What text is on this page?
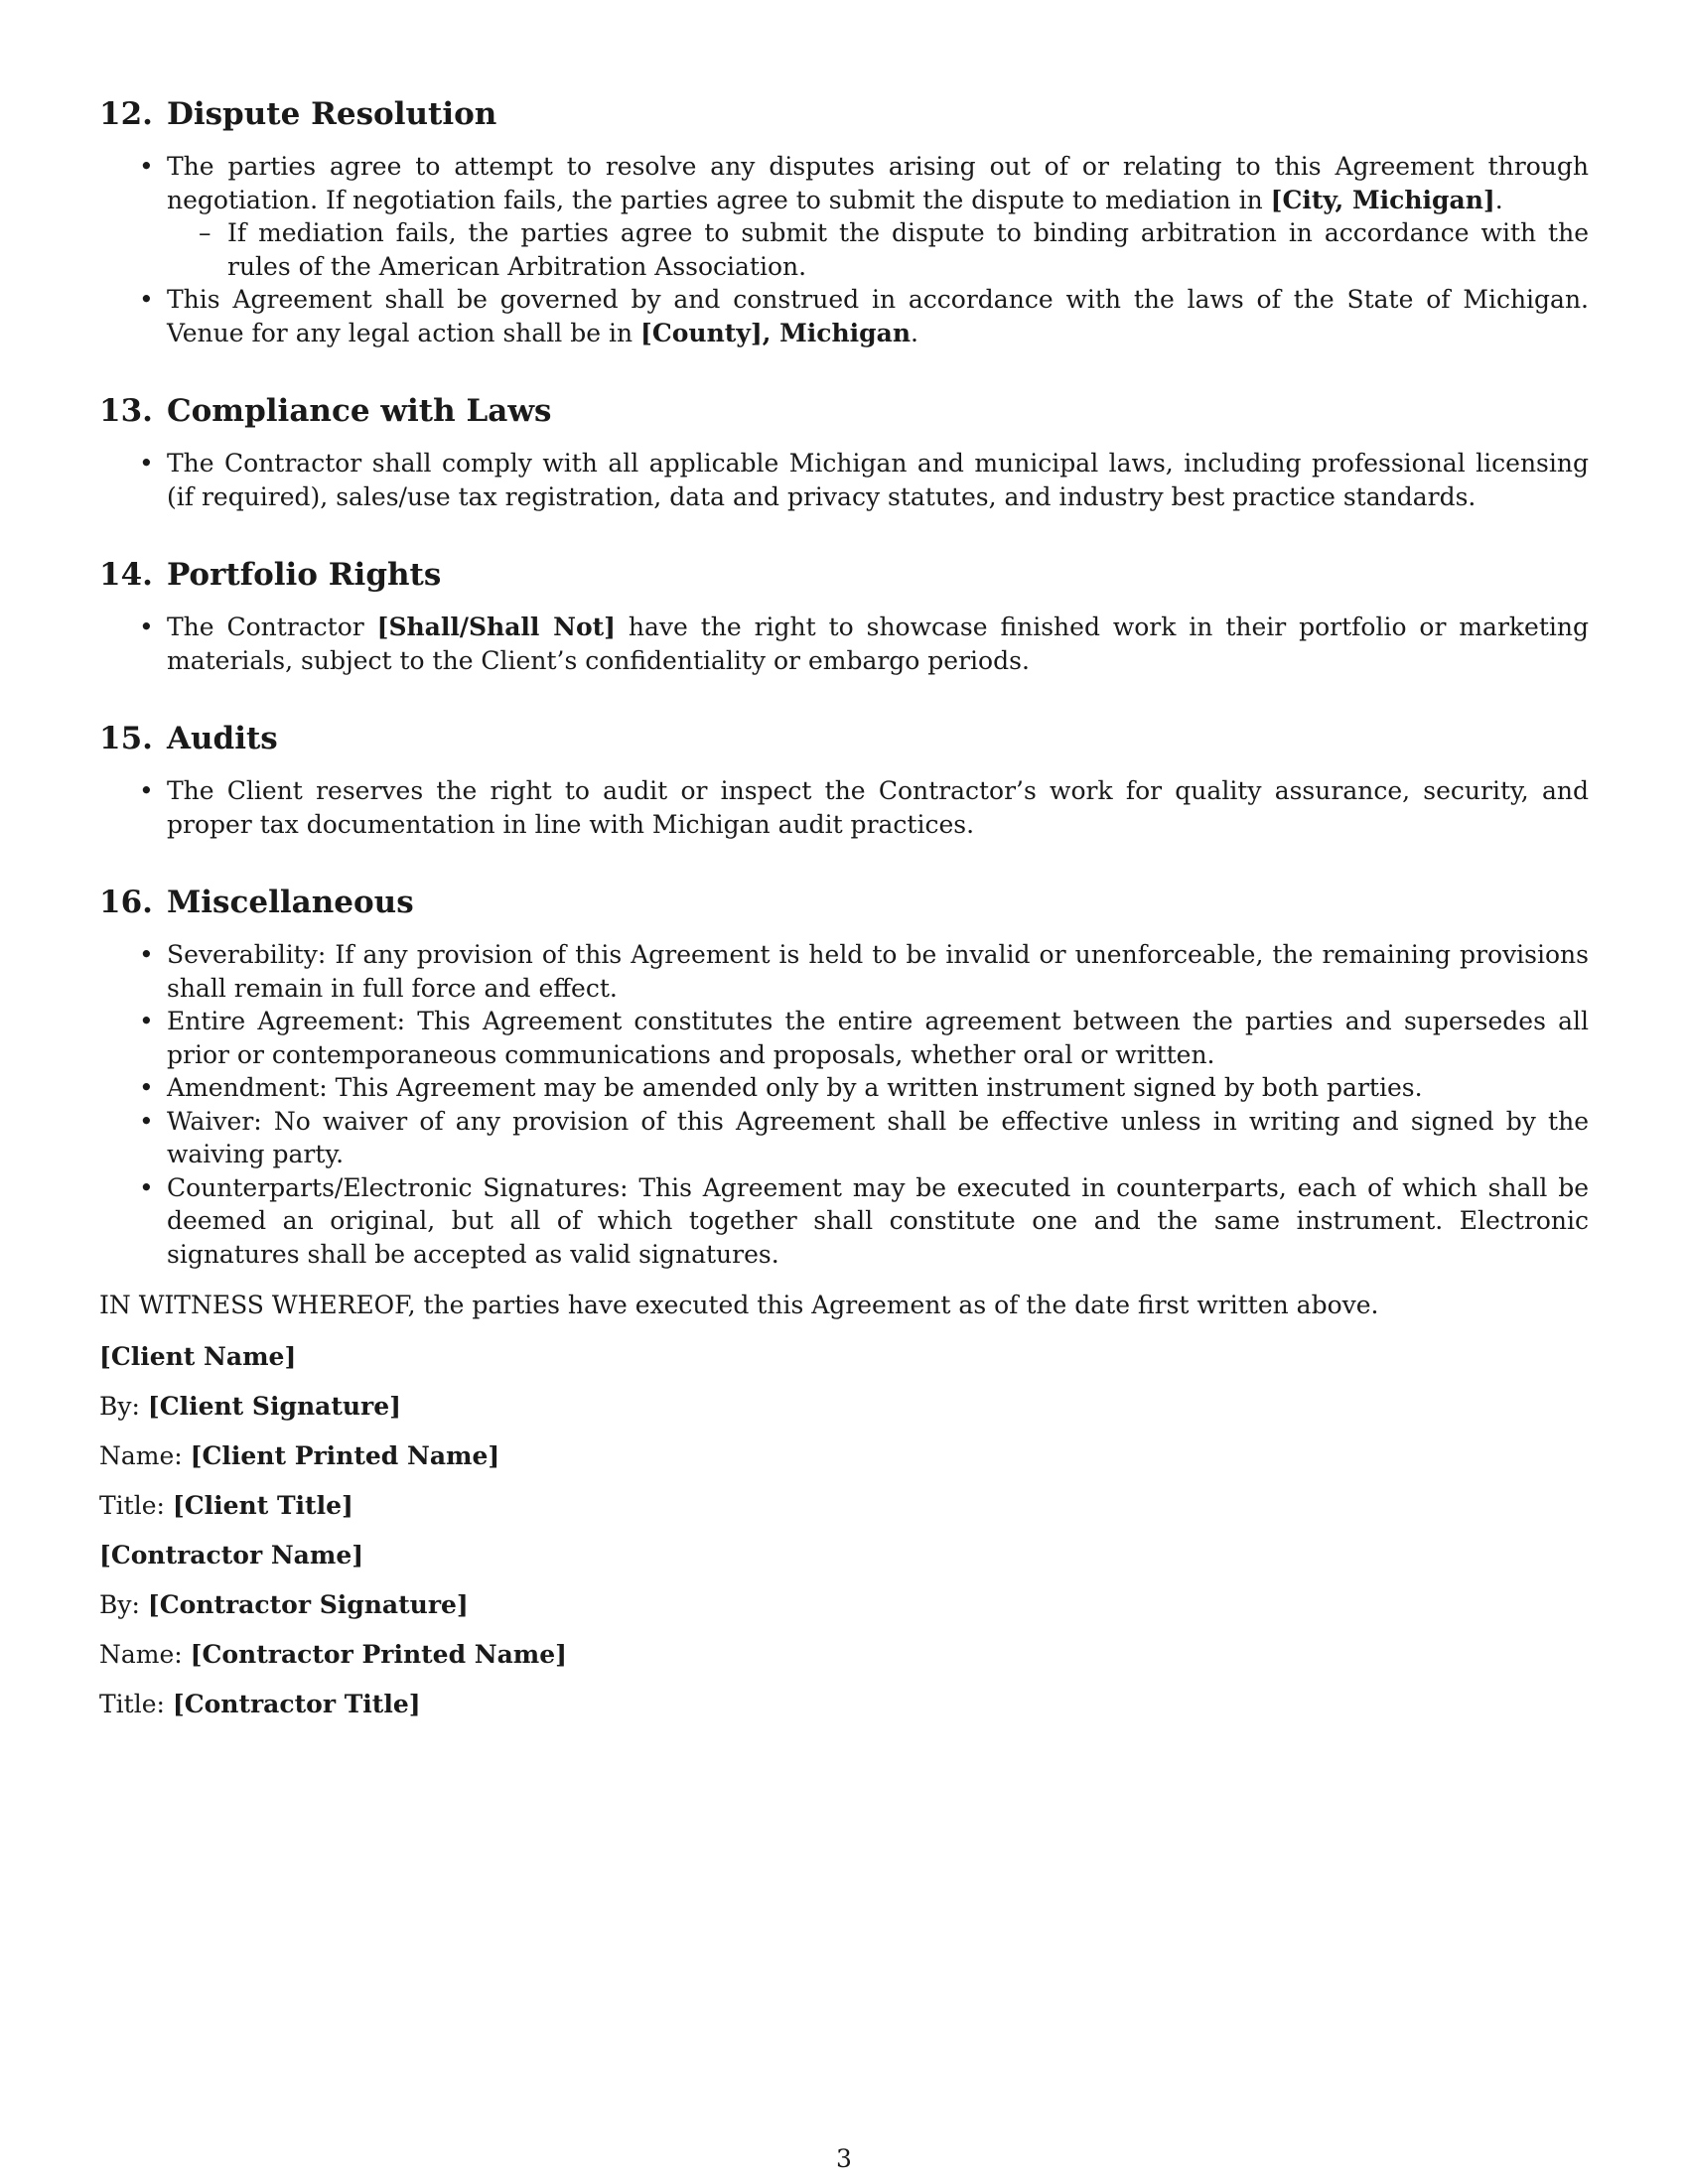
12. Dispute Resolution
• The parties agree to attempt to resolve any disputes arising out of or relating to this Agreement through negotiation. If negotiation fails, the parties agree to submit the dispute to mediation in [City, Michigan].
– If mediation fails, the parties agree to submit the dispute to binding arbitration in accordance with the rules of the American Arbitration Association.
• This Agreement shall be governed by and construed in accordance with the laws of the State of Michigan. Venue for any legal action shall be in [County], Michigan.
13. Compliance with Laws
• The Contractor shall comply with all applicable Michigan and municipal laws, including professional licensing (if required), sales/use tax registration, data and privacy statutes, and industry best practice standards.
14. Portfolio Rights
• The Contractor [Shall/Shall Not] have the right to showcase finished work in their portfolio or marketing materials, subject to the Client’s confidentiality or embargo periods.
15. Audits
• The Client reserves the right to audit or inspect the Contractor’s work for quality assurance, security, and proper tax documentation in line with Michigan audit practices.
16. Miscellaneous
• Severability: If any provision of this Agreement is held to be invalid or unenforceable, the remaining provisions shall remain in full force and effect.
• Entire Agreement: This Agreement constitutes the entire agreement between the parties and supersedes all prior or contemporaneous communications and proposals, whether oral or written.
• Amendment: This Agreement may be amended only by a written instrument signed by both parties.
• Waiver: No waiver of any provision of this Agreement shall be effective unless in writing and signed by the waiving party.
• Counterparts/Electronic Signatures: This Agreement may be executed in counterparts, each of which shall be deemed an original, but all of which together shall constitute one and the same instrument. Electronic signatures shall be accepted as valid signatures.

IN WITNESS WHEREOF, the parties have executed this Agreement as of the date first written above.

[Client Name]

By: [Client Signature]

Name: [Client Printed Name]

Title: [Client Title]

[Contractor Name]

By: [Contractor Signature]

Name: [Contractor Printed Name]

Title: [Contractor Title]

3
